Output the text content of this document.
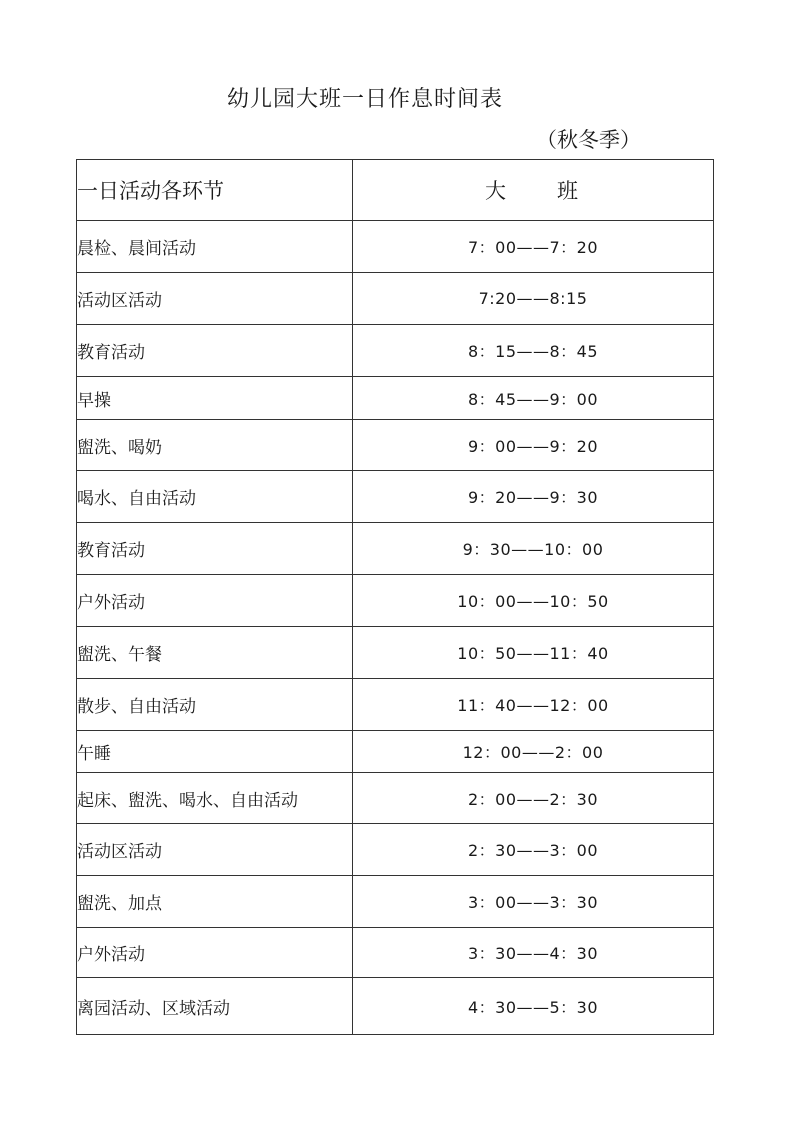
幼儿园大班一日作息时间表
（秋冬季）
一日活动各环节	大　　班
晨检、晨间活动	7：00——7：20
活动区活动	7:20——8:15
教育活动	8：15——8：45
早操	8：45——9：00
盥洗、喝奶	9：00——9：20
喝水、自由活动	9：20——9：30
教育活动	9：30——10：00
户外活动	10：00——10：50
盥洗、午餐	10：50——11：40
散步、自由活动	11：40——12：00
午睡	12：00——2：00
起床、盥洗、喝水、自由活动	2：00——2：30
活动区活动	2：30——3：00
盥洗、加点	3：00——3：30
户外活动	3：30——4：30
离园活动、区域活动	4：30——5：30
